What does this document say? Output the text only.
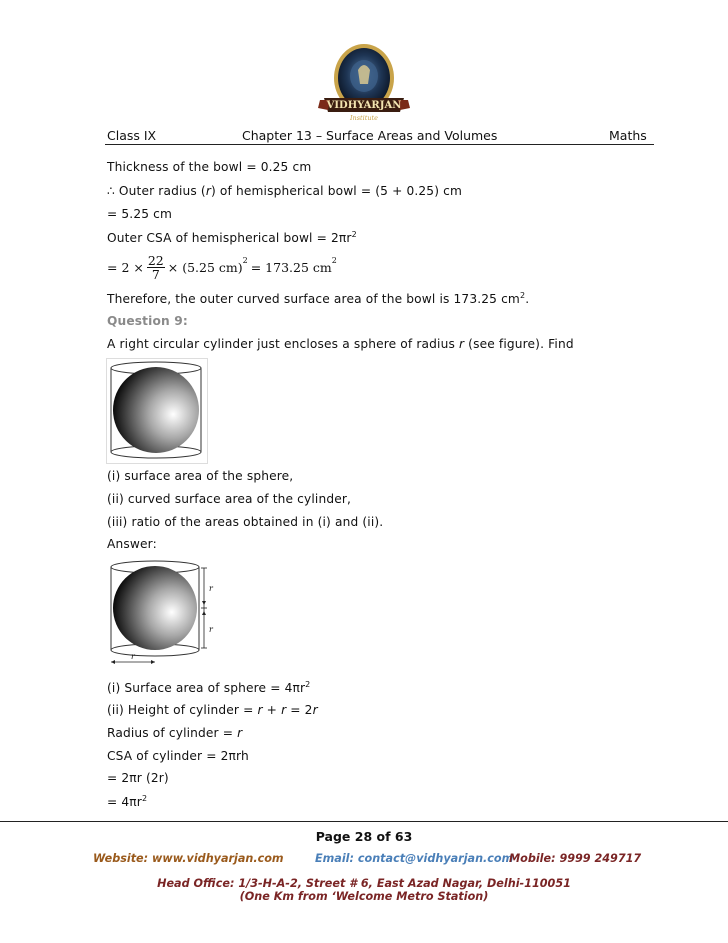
VIDHYARJAN
Institute
Class IX	Chapter 13 – Surface Areas and Volumes	Maths
Thickness of the bowl = 0.25 cm
∴ Outer radius (r) of hemispherical bowl = (5 + 0.25) cm
= 5.25 cm
Outer CSA of hemispherical bowl = $2\pi r^2$
= $2 \times \frac{22}{7} \times (5.25$ cm)$^2$ = 173.25 $cm^2$
Therefore, the outer curved surface area of the bowl is 173.25 $cm^2$.
Question 9:
A right circular cylinder just encloses a sphere of radius r (see figure). Find
(i) surface area of the sphere,
(ii) curved surface area of the cylinder,
(iii) ratio of the areas obtained in (i) and (ii).
Answer:
r
r
r
(i) Surface area of sphere = $4\pi r^2$
(ii) Height of cylinder = r + r = 2r
Radius of cylinder = r
CSA of cylinder = 2πrh
= 2πr (2r)
= $4\pi r^2$
Page 28 of 63
Website: www.vidhyarjan.com	Email: contact@vidhyarjan.com
Mobile: 9999 249717
Head Office: 1/3-H-A-2, Street # 6, East Azad Nagar, Delhi-110051
(One Km from ‘Welcome Metro Station)
